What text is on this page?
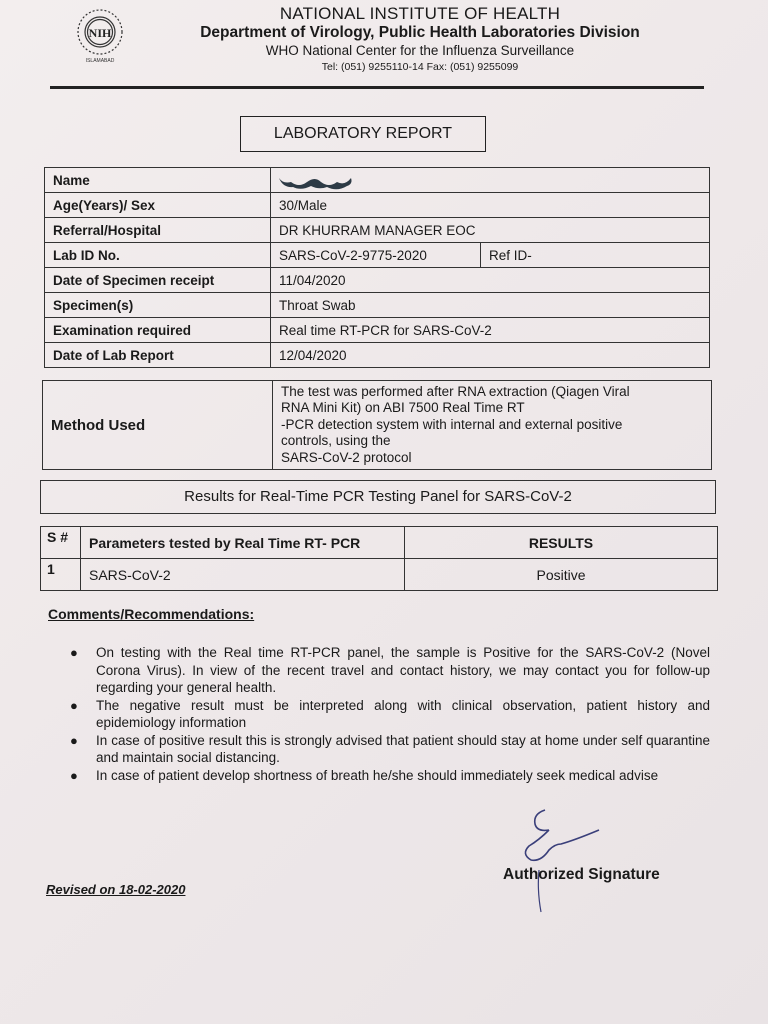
NIH
ISLAMABAD
NATIONAL INSTITUTE OF HEALTH
Department of Virology, Public Health Laboratories Division
WHO National Center for the Influenza Surveillance
Tel: (051) 9255110-14 Fax: (051) 9255099
LABORATORY REPORT
Name		
Age(Years)/ Sex	30/Male	
Referral/Hospital	DR KHURRAM MANAGER EOC	
Lab ID No.	SARS-CoV-2-9775-2020	Ref ID-
Date of Specimen receipt	11/04/2020	
Specimen(s)	Throat Swab	
Examination required	Real time RT-PCR for SARS-CoV-2	
Date of Lab Report	12/04/2020	
Method Used	
The test was performed after RNA extraction (Qiagen Viral
RNA Mini Kit) on ABI 7500 Real Time RT
-PCR detection system with internal and external positive
controls, using the
SARS-CoV-2 protocol
Results for Real-Time PCR Testing Panel for SARS-CoV-2
S #	Parameters tested by Real Time RT- PCR	RESULTS
1	SARS-CoV-2	Positive
Comments/Recommendations:
● On testing with the Real time RT-PCR panel, the sample is Positive for the SARS-CoV-2 (Novel Corona Virus). In view of the recent travel and contact history, we may contact you for follow-up regarding your general health.
● The negative result must be interpreted along with clinical observation, patient history and epidemiology information
● In case of positive result this is strongly advised that patient should stay at home under self quarantine and maintain social distancing.
● In case of patient develop shortness of breath he/she should immediately seek medical advise
Authorized Signature
Revised on 18-02-2020
